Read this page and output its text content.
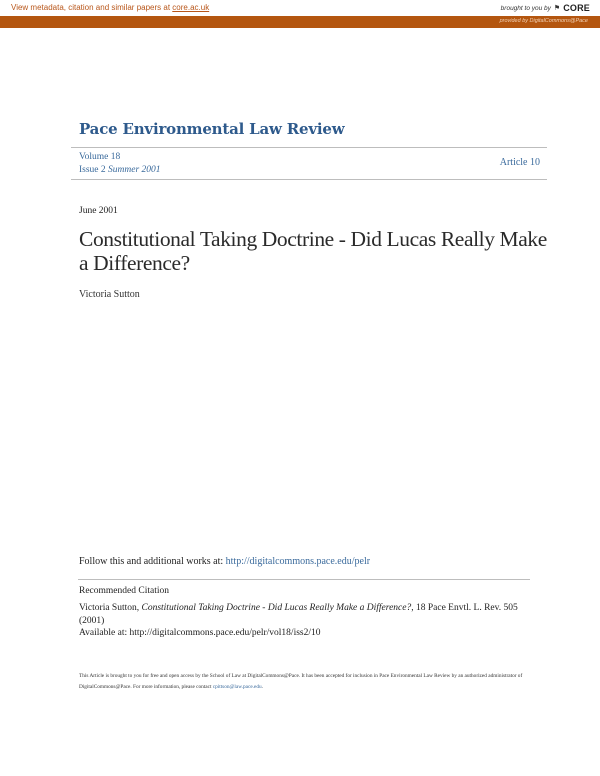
View metadata, citation and similar papers at core.ac.uk	brought to you by ⚑ CORE
provided by DigitalCommons@Pace
Pace Environmental Law Review
Volume 18
Issue 2 Summer 2001
Article 10
June 2001
Constitutional Taking Doctrine - Did Lucas Really Make a Difference?
Victoria Sutton
Follow this and additional works at: http://digitalcommons.pace.edu/pelr
Recommended Citation
Victoria Sutton, Constitutional Taking Doctrine - Did Lucas Really Make a Difference?, 18 Pace Envtl. L. Rev. 505 (2001)
Available at: http://digitalcommons.pace.edu/pelr/vol18/iss2/10
This Article is brought to you for free and open access by the School of Law at DigitalCommons@Pace. It has been accepted for inclusion in Pace Environmental Law Review by an authorized administrator of DigitalCommons@Pace. For more information, please contact cpittson@law.pace.edu.
